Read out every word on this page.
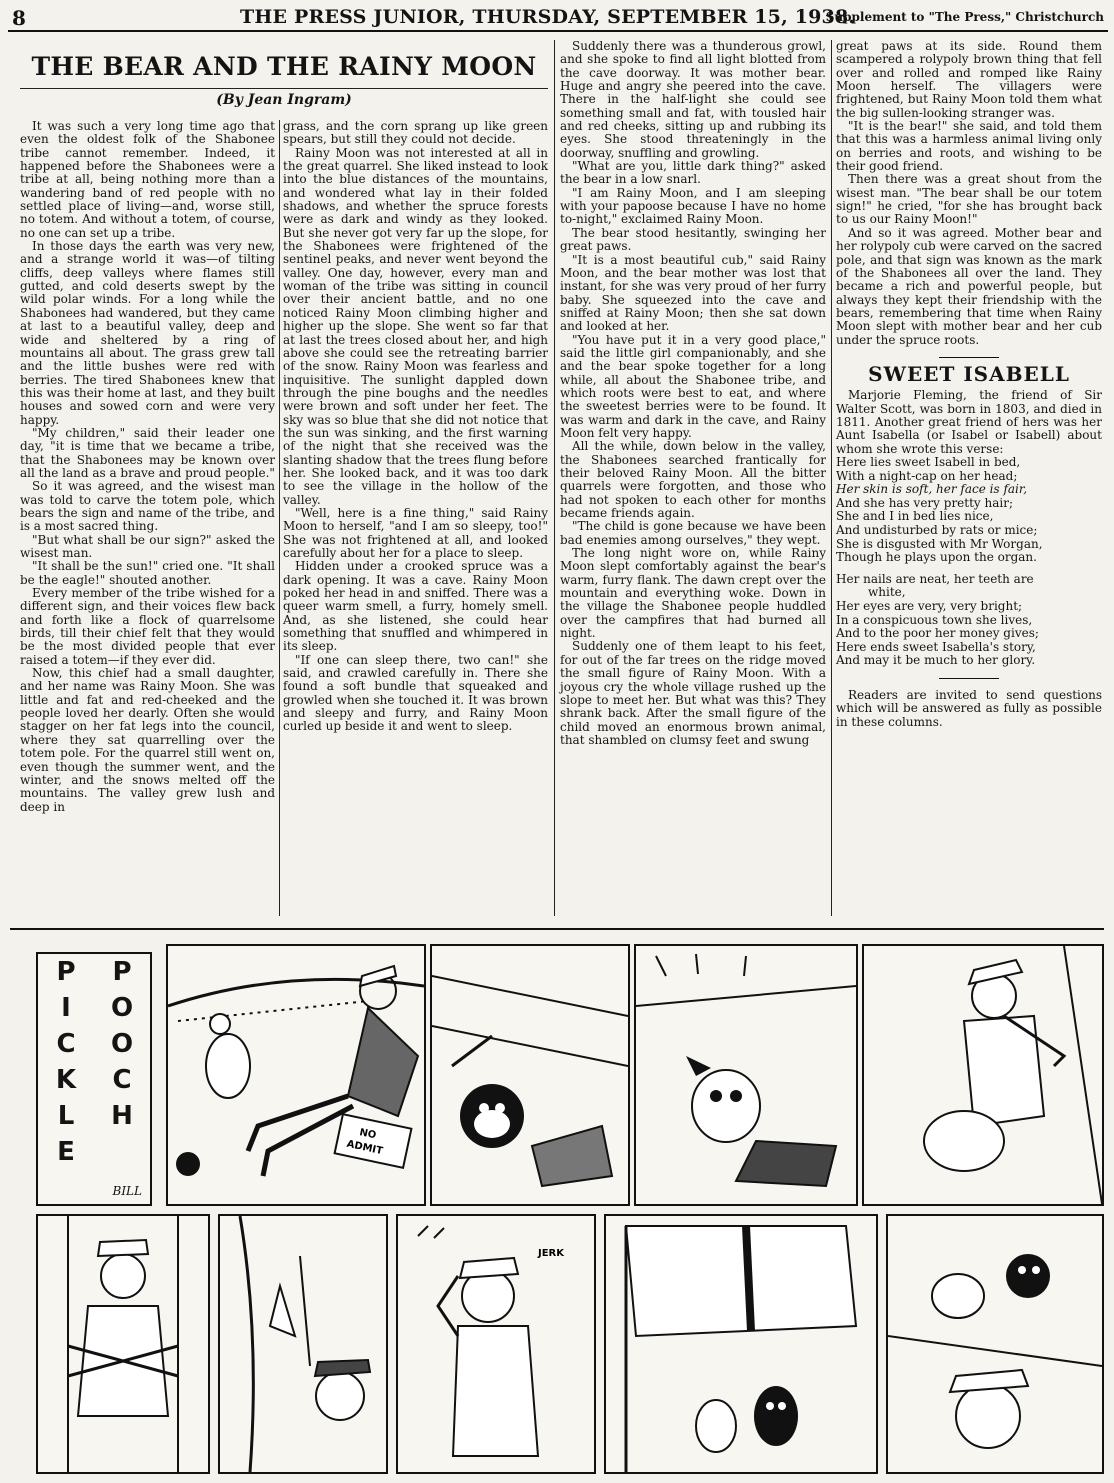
8	THE PRESS JUNIOR, THURSDAY, SEPTEMBER 15, 1938.
Supplement to "The Press," Christchurch
THE BEAR AND THE RAINY MOON
(By Jean Ingram)

It was such a very long time ago that even the oldest folk of the Shabonee tribe cannot remember. Indeed, it happened before the Shabonees were a tribe at all, being nothing more than a wandering band of red people with no settled place of living—and, worse still, no totem. And without a totem, of course, no one can set up a tribe.

In those days the earth was very new, and a strange world it was—of tilting cliffs, deep valleys where flames still gutted, and cold deserts swept by the wild polar winds. For a long while the Shabonees had wandered, but they came at last to a beautiful valley, deep and wide and sheltered by a ring of mountains all about. The grass grew tall and the little bushes were red with berries. The tired Shabonees knew that this was their home at last, and they built houses and sowed corn and were very happy.

"My children," said their leader one day, "it is time that we became a tribe, that the Shabonees may be known over all the land as a brave and proud people."

So it was agreed, and the wisest man was told to carve the totem pole, which bears the sign and name of the tribe, and is a most sacred thing.

"But what shall be our sign?" asked the wisest man.

"It shall be the sun!" cried one. "It shall be the eagle!" shouted another.

Every member of the tribe wished for a different sign, and their voices flew back and forth like a flock of quarrelsome birds, till their chief felt that they would be the most divided people that ever raised a totem—if they ever did.

Now, this chief had a small daughter, and her name was Rainy Moon. She was little and fat and red-cheeked and the people loved her dearly. Often she would stagger on her fat legs into the council, where they sat quarrelling over the totem pole. For the quarrel still went on, even though the summer went, and the winter, and the snows melted off the mountains. The valley grew lush and deep in

grass, and the corn sprang up like green spears, but still they could not decide.

Rainy Moon was not interested at all in the great quarrel. She liked instead to look into the blue distances of the mountains, and wondered what lay in their folded shadows, and whether the spruce forests were as dark and windy as they looked. But she never got very far up the slope, for the Shabonees were frightened of the sentinel peaks, and never went beyond the valley. One day, however, every man and woman of the tribe was sitting in council over their ancient battle, and no one noticed Rainy Moon climbing higher and higher up the slope. She went so far that at last the trees closed about her, and high above she could see the retreating barrier of the snow. Rainy Moon was fearless and inquisitive. The sunlight dappled down through the pine boughs and the needles were brown and soft under her feet. The sky was so blue that she did not notice that the sun was sinking, and the first warning of the night that she received was the slanting shadow that the trees flung before her. She looked back, and it was too dark to see the village in the hollow of the valley.

"Well, here is a fine thing," said Rainy Moon to herself, "and I am so sleepy, too!" She was not frightened at all, and looked carefully about her for a place to sleep.

Hidden under a crooked spruce was a dark opening. It was a cave. Rainy Moon poked her head in and sniffed. There was a queer warm smell, a furry, homely smell. And, as she listened, she could hear something that snuffled and whimpered in its sleep.

"If one can sleep there, two can!" she said, and crawled carefully in. There she found a soft bundle that squeaked and growled when she touched it. It was brown and sleepy and furry, and Rainy Moon curled up beside it and went to sleep.

Suddenly there was a thunderous growl, and she spoke to find all light blotted from the cave doorway. It was mother bear. Huge and angry she peered into the cave. There in the half-light she could see something small and fat, with tousled hair and red cheeks, sitting up and rubbing its eyes. She stood threateningly in the doorway, snuffling and growling.

"What are you, little dark thing?" asked the bear in a low snarl.

"I am Rainy Moon, and I am sleeping with your papoose because I have no home to-night," exclaimed Rainy Moon.

The bear stood hesitantly, swinging her great paws.

"It is a most beautiful cub," said Rainy Moon, and the bear mother was lost that instant, for she was very proud of her furry baby. She squeezed into the cave and sniffed at Rainy Moon; then she sat down and looked at her.

"You have put it in a very good place," said the little girl companionably, and she and the bear spoke together for a long while, all about the Shabonee tribe, and which roots were best to eat, and where the sweetest berries were to be found. It was warm and dark in the cave, and Rainy Moon felt very happy.

All the while, down below in the valley, the Shabonees searched frantically for their beloved Rainy Moon. All the bitter quarrels were forgotten, and those who had not spoken to each other for months became friends again.

"The child is gone because we have been bad enemies among ourselves," they wept.

The long night wore on, while Rainy Moon slept comfortably against the bear's warm, furry flank. The dawn crept over the mountain and everything woke. Down in the village the Shabonee people huddled over the campfires that had burned all night.

Suddenly one of them leapt to his feet, for out of the far trees on the ridge moved the small figure of Rainy Moon. With a joyous cry the whole village rushed up the slope to meet her. But what was this? They shrank back. After the small figure of the child moved an enormous brown animal, that shambled on clumsy feet and swung

great paws at its side. Round them scampered a rolypoly brown thing that fell over and rolled and romped like Rainy Moon herself. The villagers were frightened, but Rainy Moon told them what the big sullen-looking stranger was.

"It is the bear!" she said, and told them that this was a harmless animal living only on berries and roots, and wishing to be their good friend.

Then there was a great shout from the wisest man. "The bear shall be our totem sign!" he cried, "for she has brought back to us our Rainy Moon!"

And so it was agreed. Mother bear and her rolypoly cub were carved on the sacred pole, and that sign was known as the mark of the Shabonees all over the land. They became a rich and powerful people, but always they kept their friendship with the bears, remembering that time when Rainy Moon slept with mother bear and her cub under the spruce roots.

SWEET ISABELL

Marjorie Fleming, the friend of Sir Walter Scott, was born in 1803, and died in 1811. Another great friend of hers was her Aunt Isabella (or Isabel or Isabell) about whom she wrote this verse:

Here lies sweet Isabell in bed,
With a night-cap on her head;
Her skin is soft, her face is fair,
And she has very pretty hair;
She and I in bed lies nice,
And undisturbed by rats or mice;
She is disgusted with Mr Worgan,
Though he plays upon the organ.
Her nails are neat, her teeth are
white,
Her eyes are very, very bright;
In a conspicuous town she lives,
And to the poor her money gives;
Here ends sweet Isabella's story,
And may it be much to her glory.

Readers are invited to send questions which will be answered as fully as possible in these columns.

P
I
C
K
L
E
P
O
O
C
H
BILL
NO
ADMIT
JERK
